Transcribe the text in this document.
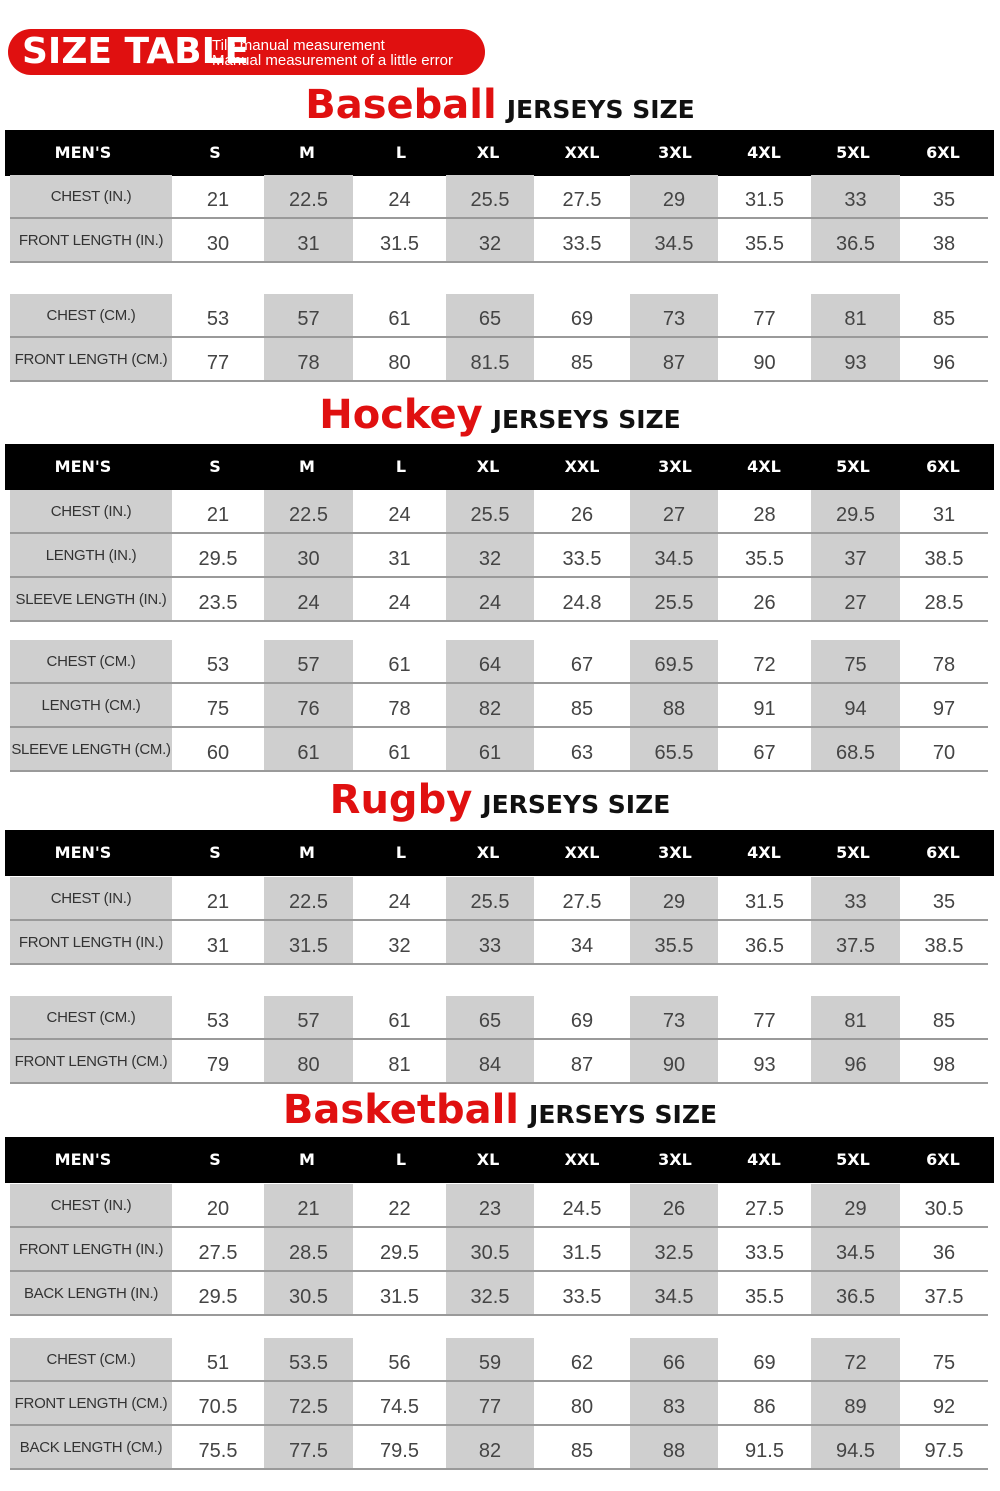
SIZE TABLE
Tile manual measurement
Manual measurement of a little error
Baseball JERSEYS SIZE
MEN'S	S	M	L	XL	XXL	3XL	4XL	5XL	6XL
CHEST (IN.)	21	22.5	24	25.5	27.5	29	31.5	33	35
FRONT LENGTH (IN.)	30	31	31.5	32	33.5	34.5	35.5	36.5	38
CHEST (CM.)	53	57	61	65	69	73	77	81	85
FRONT LENGTH (CM.)	77	78	80	81.5	85	87	90	93	96
Hockey JERSEYS SIZE
MEN'S	S	M	L	XL	XXL	3XL	4XL	5XL	6XL
CHEST (IN.)	21	22.5	24	25.5	26	27	28	29.5	31
LENGTH (IN.)	29.5	30	31	32	33.5	34.5	35.5	37	38.5
SLEEVE LENGTH (IN.)	23.5	24	24	24	24.8	25.5	26	27	28.5
CHEST (CM.)	53	57	61	64	67	69.5	72	75	78
LENGTH (CM.)	75	76	78	82	85	88	91	94	97
SLEEVE LENGTH (CM.)	60	61	61	61	63	65.5	67	68.5	70
Rugby JERSEYS SIZE
MEN'S	S	M	L	XL	XXL	3XL	4XL	5XL	6XL
CHEST (IN.)	21	22.5	24	25.5	27.5	29	31.5	33	35
FRONT LENGTH (IN.)	31	31.5	32	33	34	35.5	36.5	37.5	38.5
CHEST (CM.)	53	57	61	65	69	73	77	81	85
FRONT LENGTH (CM.)	79	80	81	84	87	90	93	96	98
Basketball JERSEYS SIZE
MEN'S	S	M	L	XL	XXL	3XL	4XL	5XL	6XL
CHEST (IN.)	20	21	22	23	24.5	26	27.5	29	30.5
FRONT LENGTH (IN.)	27.5	28.5	29.5	30.5	31.5	32.5	33.5	34.5	36
BACK LENGTH (IN.)	29.5	30.5	31.5	32.5	33.5	34.5	35.5	36.5	37.5
CHEST (CM.)	51	53.5	56	59	62	66	69	72	75
FRONT LENGTH (CM.)	70.5	72.5	74.5	77	80	83	86	89	92
BACK LENGTH (CM.)	75.5	77.5	79.5	82	85	88	91.5	94.5	97.5
